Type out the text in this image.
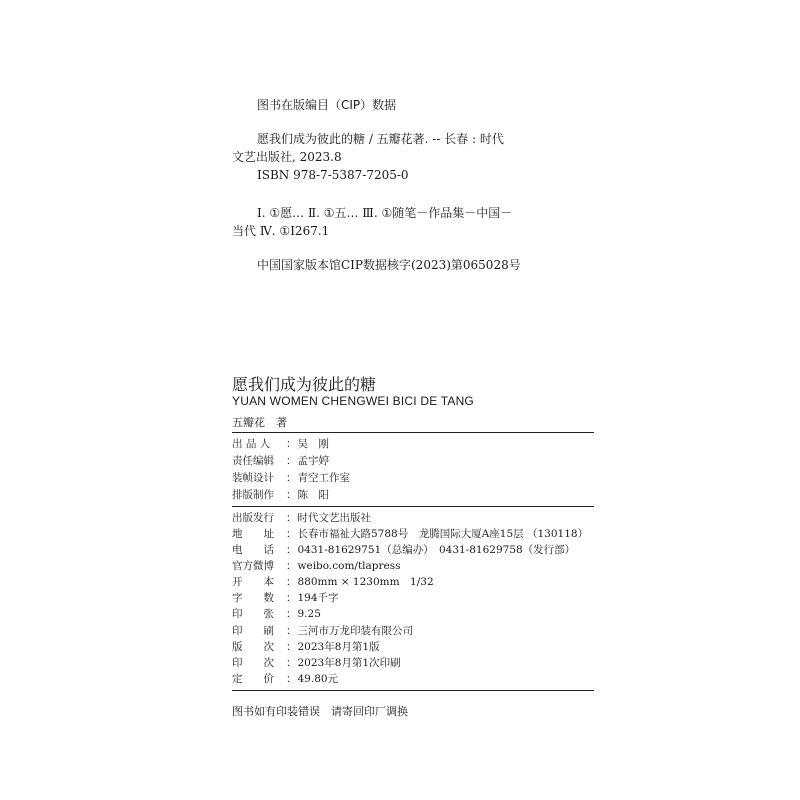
图书在版编目（CIP）数据
愿我们成为彼此的糖 / 五瓣花著. -- 长春 : 时代
文艺出版社, 2023.8
ISBN 978-7-5387-7205-0
Ⅰ. ①愿… Ⅱ. ①五… Ⅲ. ①随笔－作品集－中国－
当代 Ⅳ. ①I267.1
中国国家版本馆CIP数据核字(2023)第065028号
愿我们成为彼此的糖
YUAN WOMEN CHENGWEI BICI DE TANG
五瓣花　著
出 品 人 ：吴　刚
责任编辑 ：孟宇婷
装帧设计 ：青空工作室
排版制作 ：陈　阳
出版发行 ：时代文艺出版社
地　　址 ：长春市福祉大路5788号　龙腾国际大厦A座15层 （130118）
电　　话 ：0431-81629751（总编办）　0431-81629758（发行部）
官方微博 ：weibo.com/tlapress
开　　本 ：880mm × 1230mm　1/32
字　　数 ：194千字
印　　张 ：9.25
印　　刷 ：三河市万龙印装有限公司
版　　次 ：2023年8月第1版
印　　次 ：2023年8月第1次印刷
定　　价 ：49.80元
图书如有印装错误　请寄回印厂调换
